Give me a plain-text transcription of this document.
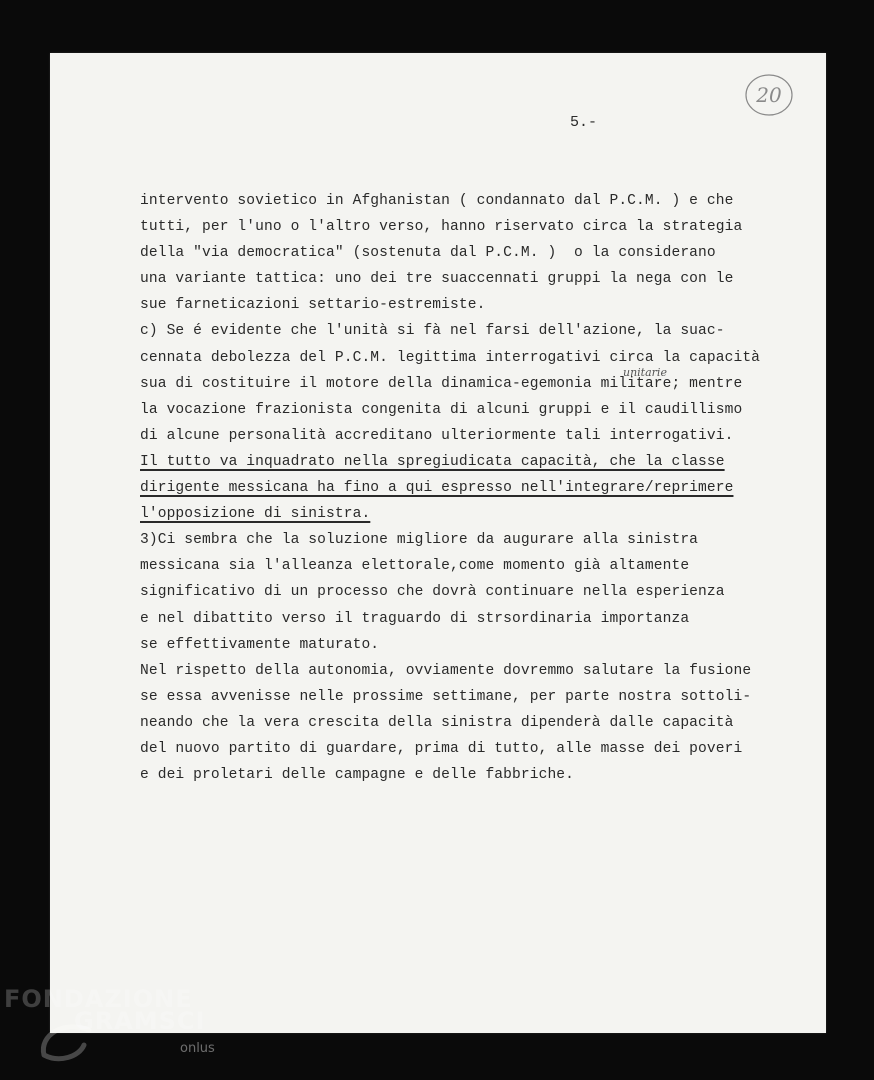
5.-
20
intervento sovietico in Afghanistan ( condannato dal P.C.M. ) e che
tutti, per l'uno o l'altro verso, hanno riservato circa la strategia
della "via democratica" (sostenuta dal P.C.M. )  o la considerano
una variante tattica: uno dei tre suaccennati gruppi la nega con le
sue farneticazioni settario-estremiste.
c) Se é evidente che l'unità si fà nel farsi dell'azione, la suac-
cennata debolezza del P.C.M. legittima interrogativi circa la capacità
sua di costituire il motore della dinamica-egemonia militare; mentre
la vocazione frazionista congenita di alcuni gruppi e il caudillismo
di alcune personalità accreditano ulteriormente tali interrogativi.
Il tutto va inquadrato nella spregiudicata capacità, che la classe
dirigente messicana ha fino a qui espresso nell'integrare/reprimere
l'opposizione di sinistra.
3)Ci sembra che la soluzione migliore da augurare alla sinistra
messicana sia l'alleanza elettorale,come momento già altamente
significativo di un processo che dovrà continuare nella esperienza
e nel dibattito verso il traguardo di strsordinaria importanza
se effettivamente maturato.
Nel rispetto della autonomia, ovviamente dovremmo salutare la fusione
se essa avvenisse nelle prossime settimane, per parte nostra sottoli-
neando che la vera crescita della sinistra dipenderà dalle capacità
del nuovo partito di guardare, prima di tutto, alle masse dei poveri
e dei proletari delle campagne e delle fabbriche.
unitarie
FONDAZIONE
GRAMSCI
onlus
